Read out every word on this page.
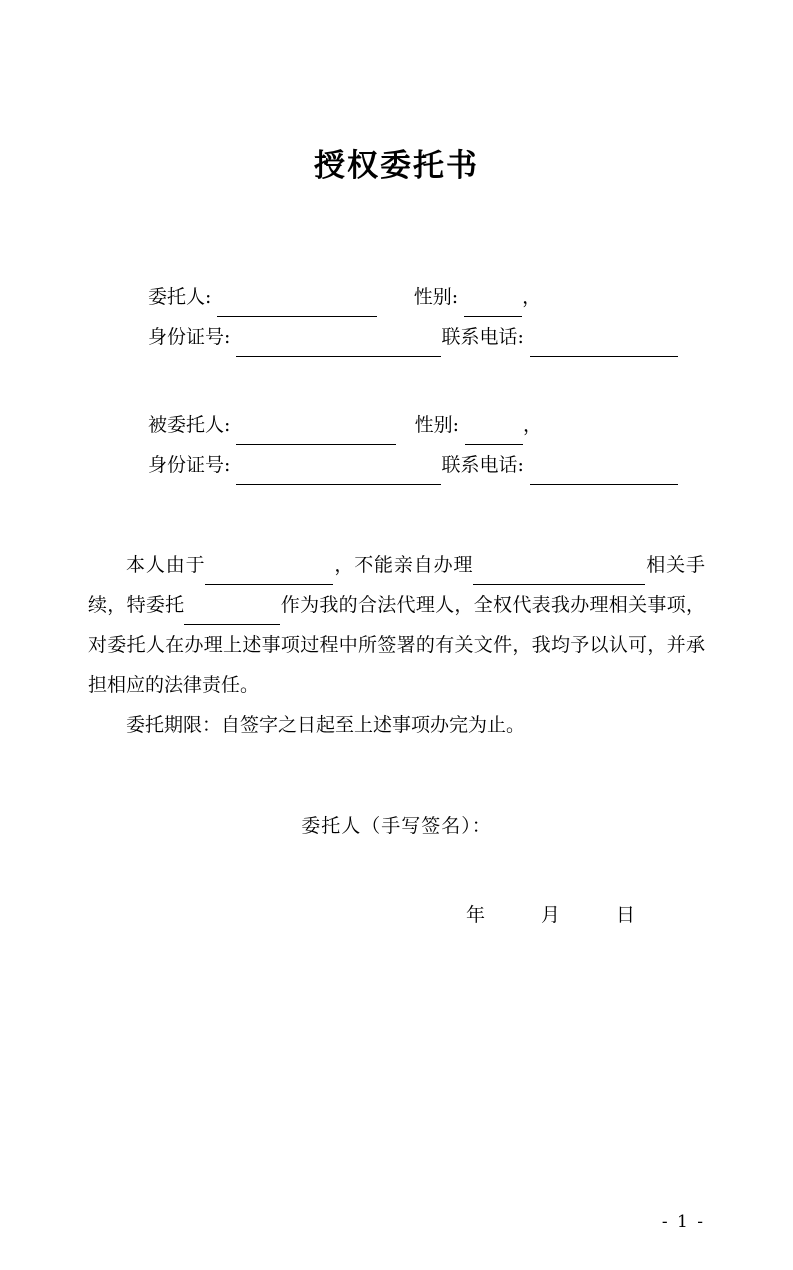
授权委托书
委托人:	性别:	，
身份证号:	联系电话:
被委托人:	性别:	，
身份证号:	联系电话:
本人由于	，不能亲自办理	相关手续，特委托	作为我的合法代理人，全权代表我办理相关事项，对委托人在办理上述事项过程中所签署的有关文件，我均予以认可，并承担相应的法律责任。
委托期限：自签字之日起至上述事项办完为止。
委托人（手写签名）：
年	月	日
- 1 -
